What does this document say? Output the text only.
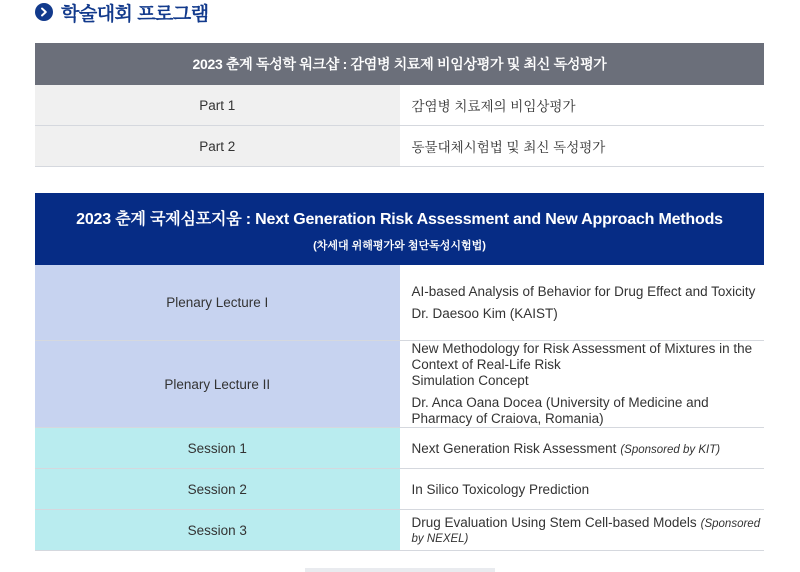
학술대회 프로그램
2023 춘계 독성학 워크샵 : 감염병 치료제 비임상평가 및 최신 독성평가	
Part 1	감염병 치료제의 비임상평가
Part 2	동물대체시험법 및 최신 독성평가
2023 춘계 국제심포지움 : Next Generation Risk Assessment and New Approach Methods
(차세대 위해평가와 첨단독성시험법)	

Plenary Lecture I	AI-based Analysis of Behavior for Drug Effect and Toxicity
Dr. Daesoo Kim (KAIST)

Plenary Lecture II	New Methodology for Risk Assessment of Mixtures in the Context of Real-Life Risk
Simulation Concept
Dr. Anca Oana Docea (University of Medicine and Pharmacy of Craiova, Romania)

Session 1	Next Generation Risk Assessment (Sponsored by KIT)
Session 2	In Silico Toxicology Prediction
Session 3	Drug Evaluation Using Stem Cell-based Models (Sponsored by NEXEL)
